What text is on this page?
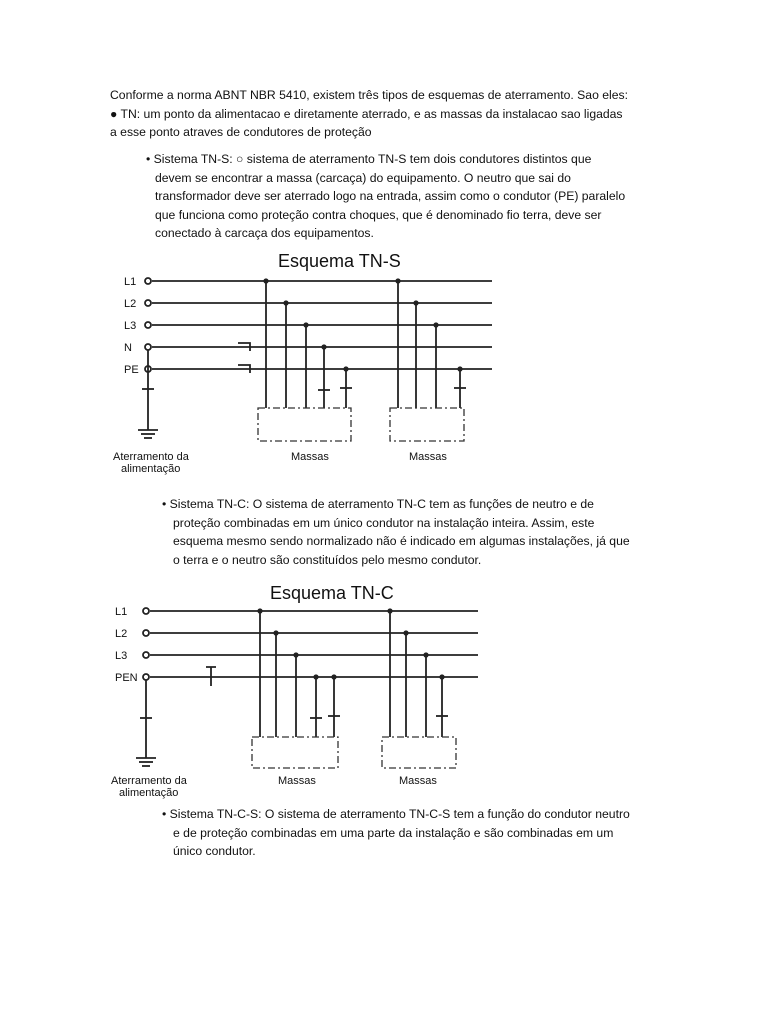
Conforme a norma ABNT NBR 5410, existem três tipos de esquemas de aterramento. Sao eles:
● TN: um ponto da alimentacao e diretamente aterrado, e as massas da instalacao sao ligadas
a esse ponto atraves de condutores de proteção
• Sistema TN-S: ○ sistema de aterramento TN-S tem dois condutores distintos que
devem se encontrar a massa (carcaça) do equipamento. O neutro que sai do
transformador deve ser aterrado logo na entrada, assim como o condutor (PE) paralelo
que funciona como proteção contra choques, que é denominado fio terra, deve ser
conectado à carcaça dos equipamentos.
Esquema TN-S
L1
L2
L3
N
PE
Aterramento da
alimentação
Massas	Massas
• Sistema TN-C: O sistema de aterramento TN-C tem as funções de neutro e de
proteção combinadas em um único condutor na instalação inteira. Assim, este
esquema mesmo sendo normalizado não é indicado em algumas instalações, já que
o terra e o neutro são constituídos pelo mesmo condutor.
Esquema TN-C
L1
L2
L3
PEN
Aterramento da
alimentação
Massas	Massas
• Sistema TN-C-S: O sistema de aterramento TN-C-S tem a função do condutor neutro
e de proteção combinadas em uma parte da instalação e são combinadas em um
único condutor.
